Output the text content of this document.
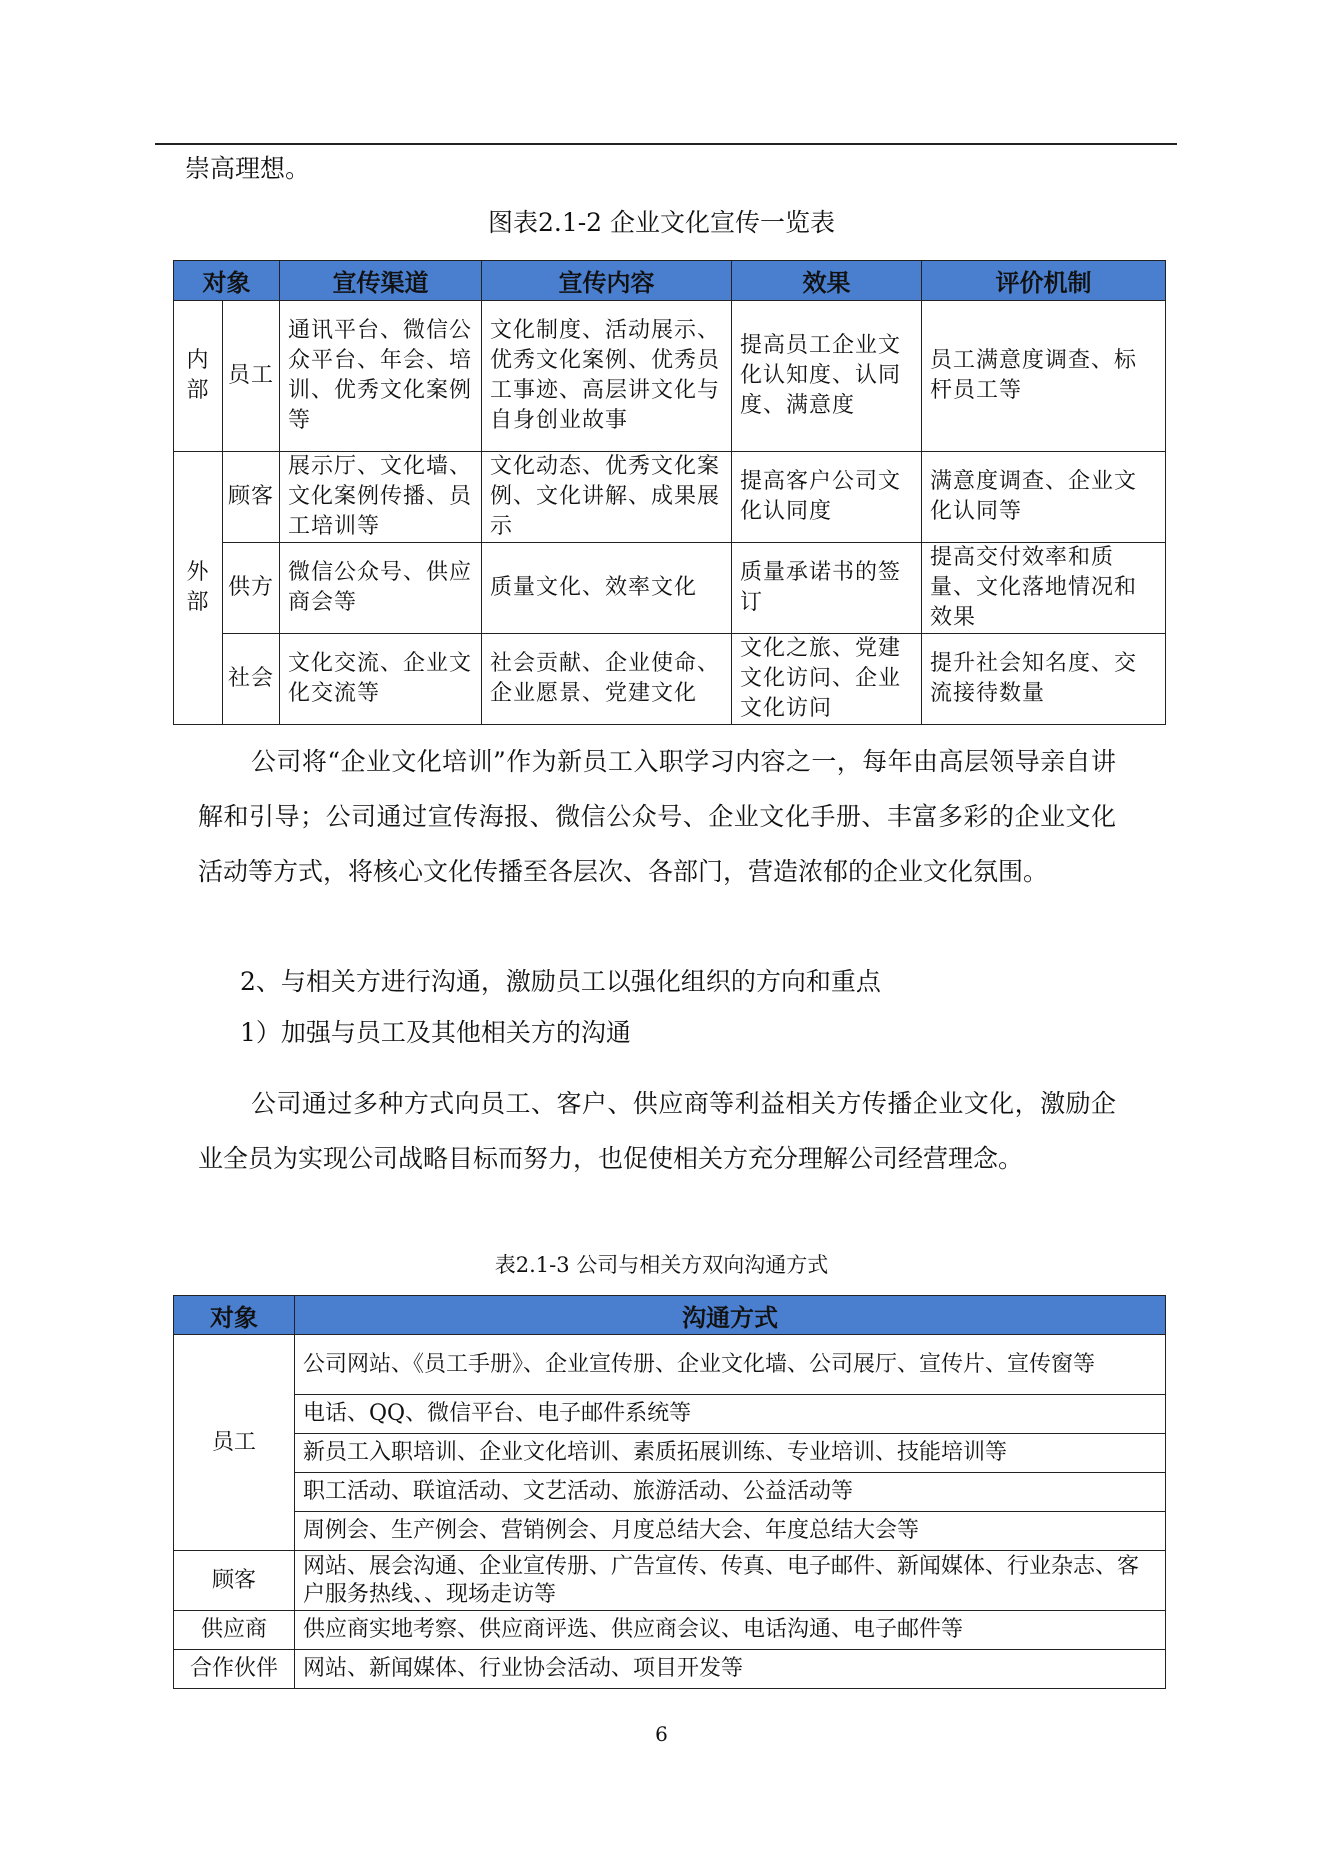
崇高理想。
图表2.1-2 企业文化宣传一览表
对象		宣传渠道	宣传内容	效果	评价机制
内部	员工	通讯平台、微信公众平台、年会、培训、优秀文化案例等	文化制度、活动展示、优秀文化案例、优秀员工事迹、高层讲文化与自身创业故事	提高员工企业文化认知度、认同度、满意度	员工满意度调查、标杆员工等
外部	顾客	展示厅、文化墙、文化案例传播、员工培训等	文化动态、优秀文化案例、文化讲解、成果展示	提高客户公司文化认同度	满意度调查、企业文化认同等
	供方	微信公众号、供应商会等	质量文化、效率文化	质量承诺书的签订	提高交付效率和质量、文化落地情况和效果
	社会	文化交流、企业文化交流等	社会贡献、企业使命、企业愿景、党建文化	文化之旅、党建文化访问、企业文化访问	提升社会知名度、交流接待数量
公司将“企业文化培训”作为新员工入职学习内容之一，每年由高层领导亲自讲解和引导；公司通过宣传海报、微信公众号、企业文化手册、丰富多彩的企业文化活动等方式，将核心文化传播至各层次、各部门，营造浓郁的企业文化氛围。
2、与相关方进行沟通，激励员工以强化组织的方向和重点
1）加强与员工及其他相关方的沟通
公司通过多种方式向员工、客户、供应商等利益相关方传播企业文化，激励企业全员为实现公司战略目标而努力，也促使相关方充分理解公司经营理念。
表2.1-3 公司与相关方双向沟通方式
对象	沟通方式
员工	公司网站、《员工手册》、企业宣传册、企业文化墙、公司展厅、宣传片、宣传窗等
	电话、QQ、微信平台、电子邮件系统等
	新员工入职培训、企业文化培训、素质拓展训练、专业培训、技能培训等
	职工活动、联谊活动、文艺活动、旅游活动、公益活动等
	周例会、生产例会、营销例会、月度总结大会、年度总结大会等
顾客	网站、展会沟通、企业宣传册、广告宣传、传真、电子邮件、新闻媒体、行业杂志、客户服务热线、、现场走访等
供应商	供应商实地考察、供应商评选、供应商会议、电话沟通、电子邮件等
合作伙伴	网站、新闻媒体、行业协会活动、项目开发等
6
